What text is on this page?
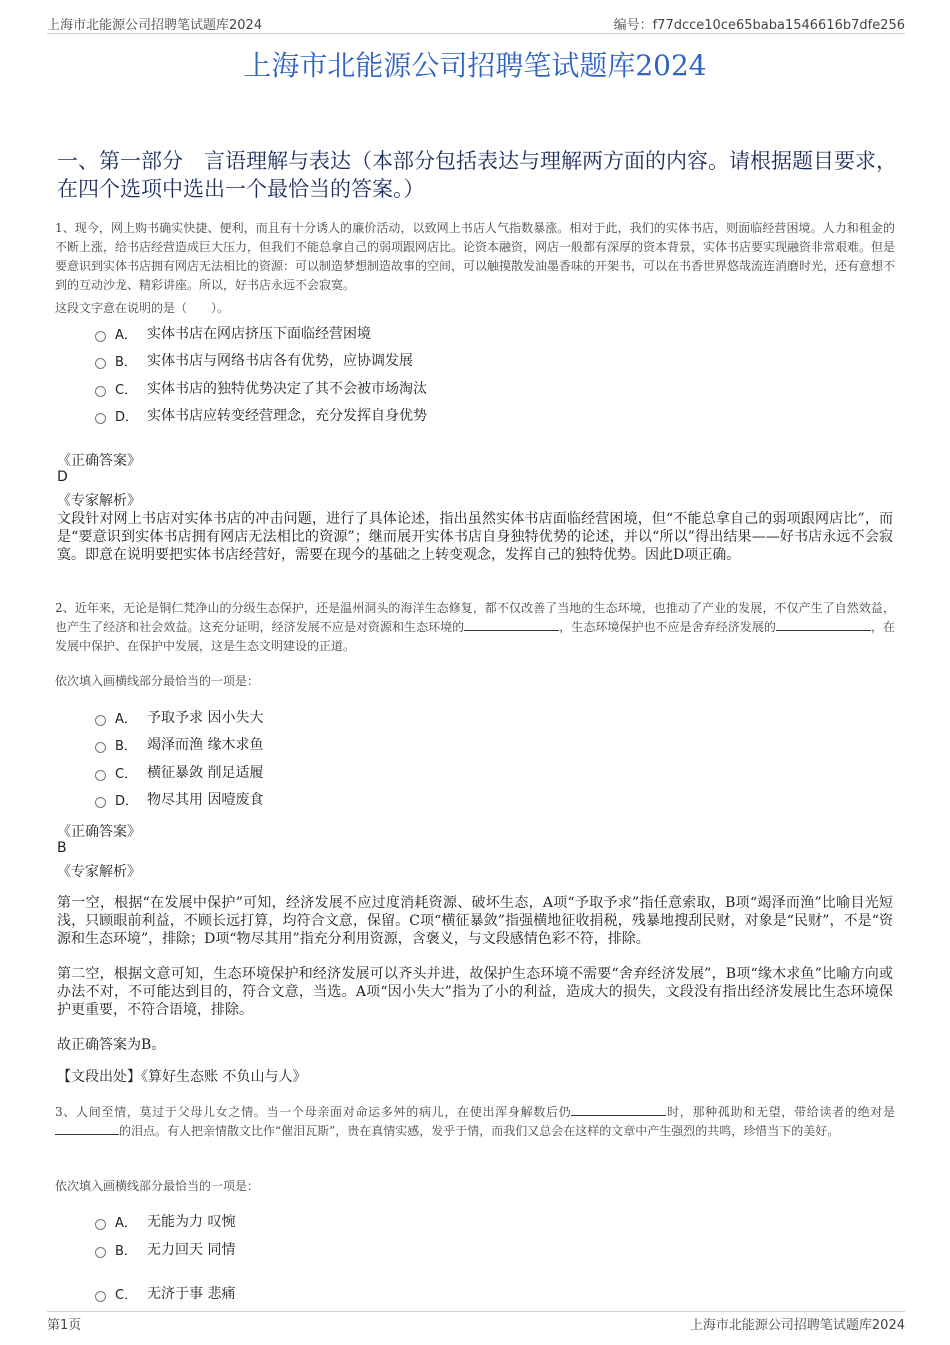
上海市北能源公司招聘笔试题库2024	编号：f77dcce10ce65baba1546616b7dfe256
上海市北能源公司招聘笔试题库2024
一、第一部分　言语理解与表达（本部分包括表达与理解两方面的内容。请根据题目要求，在四个选项中选出一个最恰当的答案。）
1、现今，网上购书确实快捷、便利，而且有十分诱人的廉价活动，以致网上书店人气指数暴涨。相对于此，我们的实体书店，则面临经营困境。人力和租金的不断上涨，给书店经营造成巨大压力，但我们不能总拿自己的弱项跟网店比。论资本融资，网店一般都有深厚的资本背景，实体书店要实现融资非常艰难。但是要意识到实体书店拥有网店无法相比的资源：可以制造梦想制造故事的空间，可以触摸散发油墨香味的开架书，可以在书香世界悠哉流连消磨时光，还有意想不到的互动沙龙、精彩讲座。所以，好书店永远不会寂寞。
这段文字意在说明的是（　　）。
A． 实体书店在网店挤压下面临经营困境
B． 实体书店与网络书店各有优势，应协调发展
C． 实体书店的独特优势决定了其不会被市场淘汰
D． 实体书店应转变经营理念，充分发挥自身优势
《正确答案》
D
《专家解析》
文段针对网上书店对实体书店的冲击问题，进行了具体论述，指出虽然实体书店面临经营困境，但“不能总拿自己的弱项跟网店比”，而是“要意识到实体书店拥有网店无法相比的资源”；继而展开实体书店自身独特优势的论述，并以“所以”得出结果——好书店永远不会寂寞。即意在说明要把实体书店经营好，需要在现今的基础之上转变观念，发挥自己的独特优势。因此D项正确。
2、近年来，无论是铜仁梵净山的分级生态保护，还是温州洞头的海洋生态修复，都不仅改善了当地的生态环境，也推动了产业的发展，不仅产生了自然效益，也产生了经济和社会效益。这充分证明，经济发展不应是对资源和生态环境的	，生态环境保护也不应是舍弃经济发展的	，在发展中保护、在保护中发展，这是生态文明建设的正道。
依次填入画横线部分最恰当的一项是：
A． 予取予求 因小失大
B． 竭泽而渔 缘木求鱼
C． 横征暴敛 削足适履
D． 物尽其用 因噎废食
《正确答案》
B
《专家解析》
第一空，根据“在发展中保护”可知，经济发展不应过度消耗资源、破坏生态，A项“予取予求”指任意索取，B项“竭泽而渔”比喻目光短浅，只顾眼前利益，不顾长远打算，均符合文意，保留。C项“横征暴敛”指强横地征收捐税，残暴地搜刮民财，对象是“民财”，不是“资源和生态环境”，排除；D项“物尽其用”指充分利用资源，含褒义，与文段感情色彩不符，排除。
第二空，根据文意可知，生态环境保护和经济发展可以齐头并进，故保护生态环境不需要“舍弃经济发展”，B项“缘木求鱼”比喻方向或办法不对，不可能达到目的，符合文意，当选。A项“因小失大”指为了小的利益，造成大的损失，文段没有指出经济发展比生态环境保护更重要，不符合语境，排除。
故正确答案为B。
【文段出处】《算好生态账 不负山与人》
3、人间至情，莫过于父母儿女之情。当一个母亲面对命运多舛的病儿，在使出浑身解数后仍	时，那种孤助和无望，带给读者的绝对是的泪点。有人把亲情散文比作“催泪瓦斯”，贵在真情实感，发乎于情，而我们又总会在这样的文章中产生强烈的共鸣，珍惜当下的美好。
依次填入画横线部分最恰当的一项是：
A． 无能为力 叹惋
B． 无力回天 同情
C． 无济于事 悲痛
第1页	上海市北能源公司招聘笔试题库2024
